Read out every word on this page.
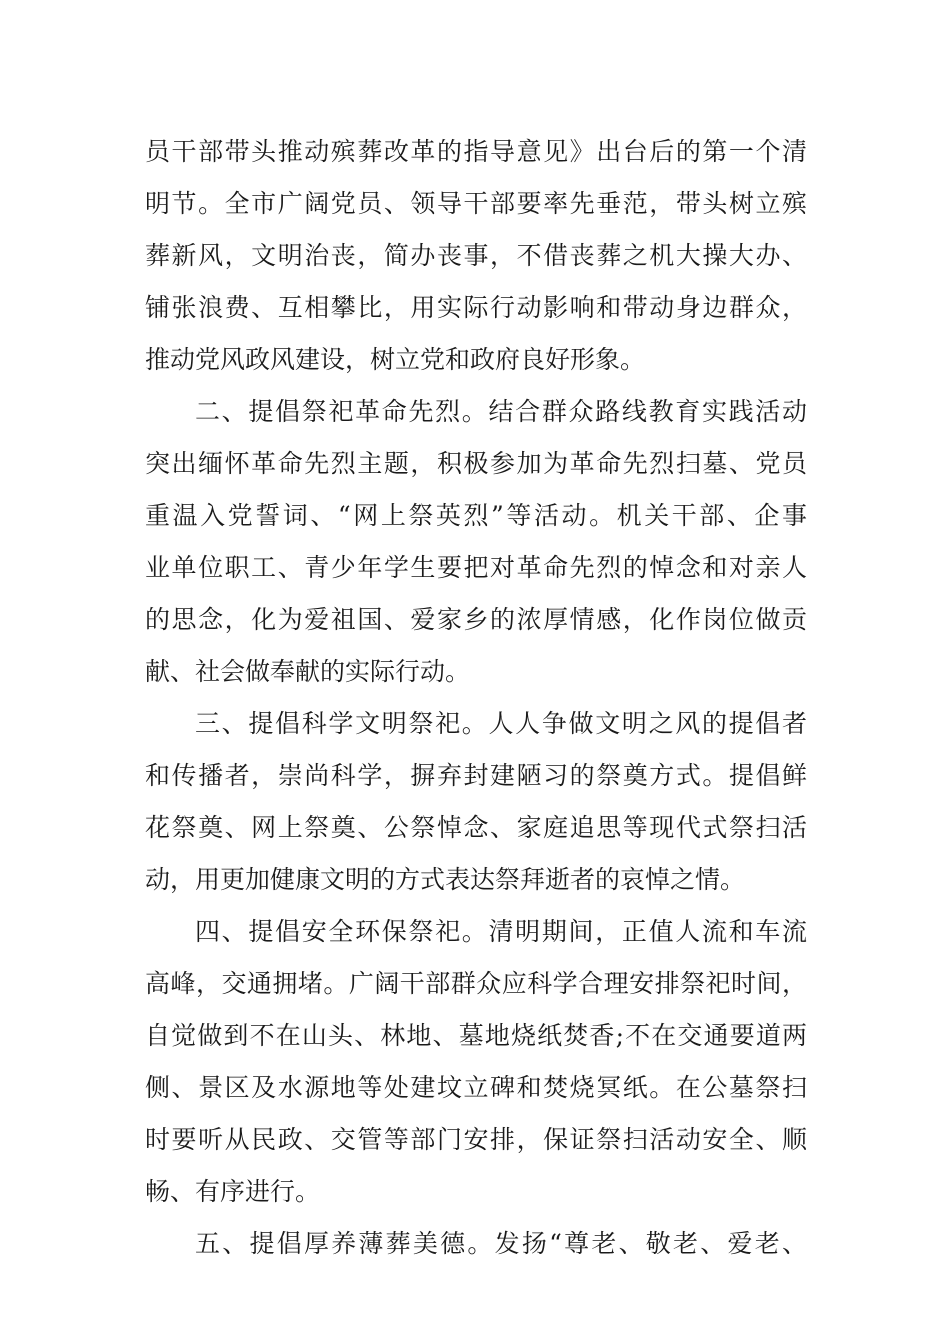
员干部带头推动殡葬改革的指导意见》出台后的第一个清
明节。全市广阔党员、领导干部要率先垂范，带头树立殡
葬新风，文明治丧，简办丧事，不借丧葬之机大操大办、
铺张浪费、互相攀比，用实际行动影响和带动身边群众，
推动党风政风建设，树立党和政府良好形象。
二、提倡祭祀革命先烈。结合群众路线教育实践活动
突出缅怀革命先烈主题，积极参加为革命先烈扫墓、党员
重温入党誓词、“网上祭英烈”等活动。机关干部、企事
业单位职工、青少年学生要把对革命先烈的悼念和对亲人
的思念，化为爱祖国、爱家乡的浓厚情感，化作岗位做贡
献、社会做奉献的实际行动。
三、提倡科学文明祭祀。人人争做文明之风的提倡者
和传播者，崇尚科学，摒弃封建陋习的祭奠方式。提倡鲜
花祭奠、网上祭奠、公祭悼念、家庭追思等现代式祭扫活
动，用更加健康文明的方式表达祭拜逝者的哀悼之情。
四、提倡安全环保祭祀。清明期间，正值人流和车流
高峰，交通拥堵。广阔干部群众应科学合理安排祭祀时间，
自觉做到不在山头、林地、墓地烧纸焚香;不在交通要道两
侧、景区及水源地等处建坟立碑和焚烧冥纸。在公墓祭扫
时要听从民政、交管等部门安排，保证祭扫活动安全、顺
畅、有序进行。
五、提倡厚养薄葬美德。发扬“尊老、敬老、爱老、
